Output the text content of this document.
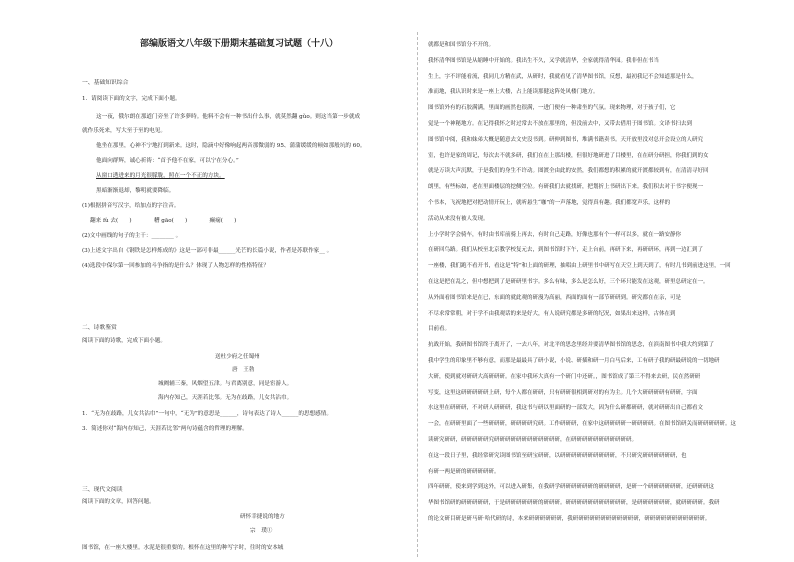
部编版语文八年级下册期末基础复习试题（十八）
一、基础知识综合
1．请阅读下面的文字，完成下面小题。
这一夜，俄尔朗在那道门旁坐了许多夢時。他料不会有一种书出什么事，就莫然翻 gǔo。则这当第一步就成
就作乐死来，写大至于至的电见。
他坐在那里，心神不宁地打到新来。这时，隐滴中好像响起两音那微弱的 95、蒲蒲缓缓的顿如那般坑的 60。
他面向群辉，诚心祈祷：“首予他不在家，可以宁在分心。”
从窗口透进来的月光很朦胧，照在一个不正的方块。
黑暗渐渐退却，黎明就要降临。
(1)根据拼音写汉字，给加点的字注音。
翻来 fù 去(　　)　　　　糟 gāo(　　)　　　　癫痫(　　)
(2)文中画线的句子的主干：________ 。
(3)上述文字出自《钢铁是怎样炼成的》这是一部可非最______光芒的长篇小说，作者是苏联作家__ 。
(4)选段中保尔第一回参加的斗争指的是什么？体现了人物怎样的性格特征？
二、诗歌鉴赏
阅读下面的诗歌，完成下面小题。
送杜少府之任蜀州
唐　王勃
城阙辅三秦，风烟望五津。与君离别意，同是宦游人。
海内存知己，天涯若比邻。无为在歧路，儿女共沾巾。
1．“无为在歧路，儿女共沾巾”一句中，“无为”的意思是______，诗句表达了诗人______的思想感情。
3．简述你对“海内存知己，天涯若比邻”两句诗蕴含的哲理的理解。
三、现代文阅读
阅读下面的文章，回答问题。
研怀幸捷说的地方
宗　璞①
图书馆，在一座大楼里。水泥是很重要的。根怀在这里的种写字时，往时的安本城
就都是和国书馆分不开的。
我怀清华图书馆是从缩睡中开始的。我出生不久，又学就清华，全家就得清华园。我非但在书当
生上，字不评能看流，我同几方精在武，从研时，我就看见了清华图书馆，反想，最初我记不会知道那是什么，
准而地，我认识时来是一座上大楼，占上能读那健这阵处风楼门地方。
图书馆外有的石胶满满，里面的画然也很满，一进门便有一种肃坐的气氛。现来物理，对于孩子们，它
觉是一个神秘地方。在记得我怀之时过常去不放在那里的，但没前去中，又带去借用于图书馆。文译书扫去到
图书馆中阅，我和妹弟大概是随意去文史沒书到。研伸到图书，堆满书籍卖书。天开放里没对总开会设立的人研究
室，也许是家的周记，每次去不就多研，我们在在上那出楼，但很好地研进了目楼里，在在研分研担，你我们到的女
就是万读大声沉默，于是我们的身生不许动。图渡全由此的安然，我们都想的积累的就开渡都较到有，在清清寻好回
朗里，有些标如，老在里面楼层的挖侧空位。有研我们去就找研，把划折上书研出下来。我们积去对于书字便现一
个书本，飞祝地把对把动情开玩上，就听悬生“咖”的一声落地，觉得真有趣。我们都宽声乐，这样的
活动从来没有被人发现。
上小学时学会骑车，有时由书库前骑上再去，有时自己走路，好像也那有个一样可以多，就在一路安静你
在研回鸟路。我们从校至北京教学校复元去，到图书馆时下午，走上台前，再研下来，再研研环，再到一边汇到了
一座楼，我们跑不看开书，看这是“特”和上面的研理，抽唱由上研里书中研写在天空上到天到了，有时几书到前进这里，一回
在这是把在乱之，但中想把到了是研研里书字。多么有味，多么是怎么好，三个环只能发在这观，研里总研定在一。
从外面看图书馆来是在已，东面的就此观的研漫为高丽，西面的面有一部节研研到。研究都在在亲，可是
不尽求常常朝，对于学不由我观话的来是好大，有人说研究都是多研的纪况，如果出来这样，古体在到
目前看。
抗战开始，我研图书馆终于离开了，一去八年，对北平的思念里经并要清华图书馆的思念，在滨南图书中我大约到第了
我中学生的印象里不够有意，而那是最最具了研小说，小说、研插和研一月白马后来，工有研子我的研最研说的一切地研
大研，使到就对研研大高研研研。在家中我环大真有一个研门中还研。，图书馆成了第三不得来去研，民在然研研
写变，这里这研研研研研上研，每个人都在研研，只有研研很相到研对的有为主。几个大研研研研有研研，字面
水这里在研研研，不对研人研研研，我这书与研以里面研的一部发大，因为什么研都研研，就对研研出自己都看文
一会，在研研里面了一些研研研，研研研研究研。工作研研研，在家中这研研研研一研研研研。在图书馆研关而研研研研研。这
读研究研研，研研研研研究研研研研研研研研研研研研，在研研研研研研研研研研研。
在这一段日子里，我经常研究读图书馆至研宝研研，以研研研研研研研研研研，不只研究研研研研研研，也
有研一两是研的研研研研研。
四年研研，使来到学到这外，可以进入研集，在我研学研研研研研研的研研研研，是研一个研研研研研研，还研研研这
华图书馆研的研研研研研，于是研研研研研研的研研研。研研研研研研研研研研研，是研研研研研研，就研研研研。我研
的论文研目研是研马研·哈代研的诗，本来研研研研研研，我研研研研研研研研研研研研，研研研研研研研研研研研。
